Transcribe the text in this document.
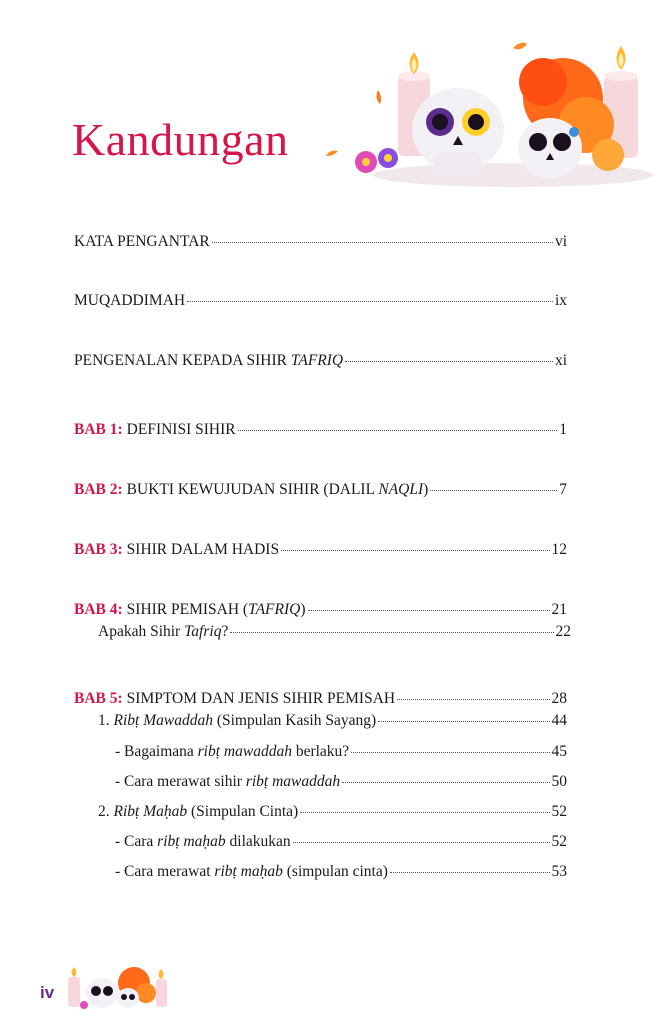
Kandungan
KATA PENGANTAR	vi
MUQADDIMAH	ix
PENGENALAN KEPADA SIHIR TAFRIQ	xi
BAB 1: DEFINISI SIHIR	1
BAB 2: BUKTI KEWUJUDAN SIHIR (DALIL NAQLI)	7
BAB 3: SIHIR DALAM HADIS	12
BAB 4: SIHIR PEMISAH (TAFRIQ)	21
Apakah Sihir Tafriq?	22
BAB 5: SIMPTOM DAN JENIS SIHIR PEMISAH	28
1. Ribṭ Mawaddah (Simpulan Kasih Sayang)	44
- Bagaimana ribṭ mawaddah berlaku?	45
- Cara merawat sihir ribṭ mawaddah	50
2. Ribṭ Maḥab (Simpulan Cinta)	52
- Cara ribṭ maḥab dilakukan	52
- Cara merawat ribṭ maḥab (simpulan cinta)	53
iv
